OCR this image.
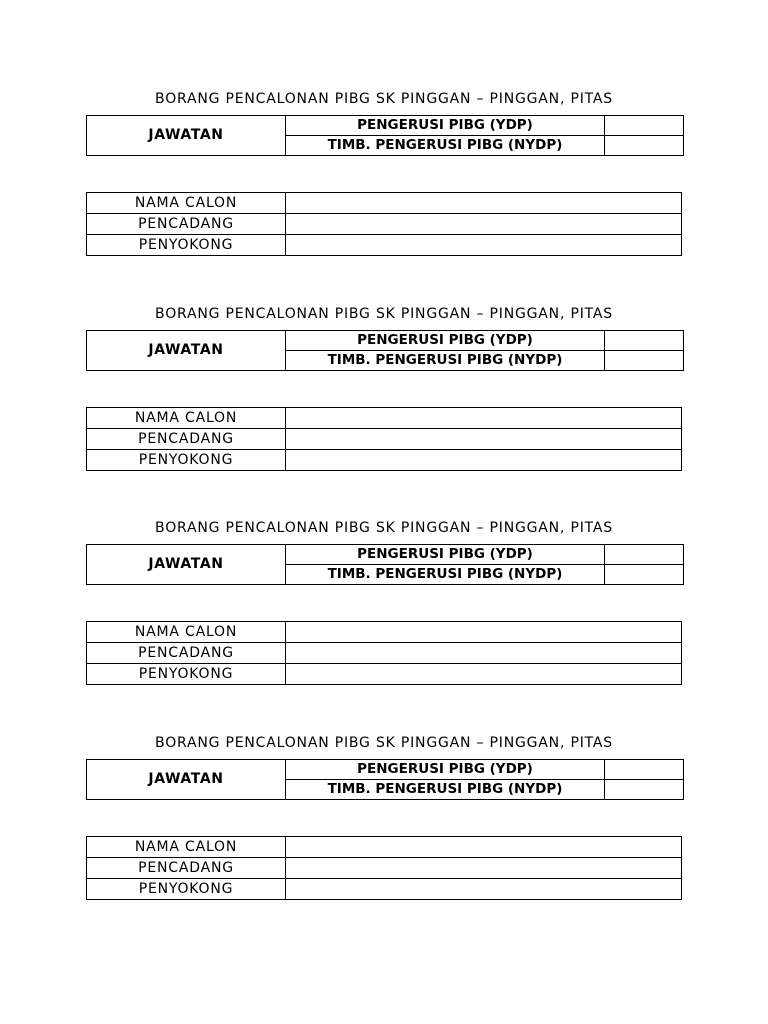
BORANG PENCALONAN PIBG SK PINGGAN – PINGGAN, PITAS
JAWATAN	PENGERUSI PIBG (YDP)	
	TIMB. PENGERUSI PIBG (NYDP)	
NAMA CALON	
PENCADANG	
PENYOKONG	
BORANG PENCALONAN PIBG SK PINGGAN – PINGGAN, PITAS
JAWATAN	PENGERUSI PIBG (YDP)	
	TIMB. PENGERUSI PIBG (NYDP)	
NAMA CALON	
PENCADANG	
PENYOKONG	
BORANG PENCALONAN PIBG SK PINGGAN – PINGGAN, PITAS
JAWATAN	PENGERUSI PIBG (YDP)	
	TIMB. PENGERUSI PIBG (NYDP)	
NAMA CALON	
PENCADANG	
PENYOKONG	
BORANG PENCALONAN PIBG SK PINGGAN – PINGGAN, PITAS
JAWATAN	PENGERUSI PIBG (YDP)	
	TIMB. PENGERUSI PIBG (NYDP)	
NAMA CALON	
PENCADANG	
PENYOKONG	
